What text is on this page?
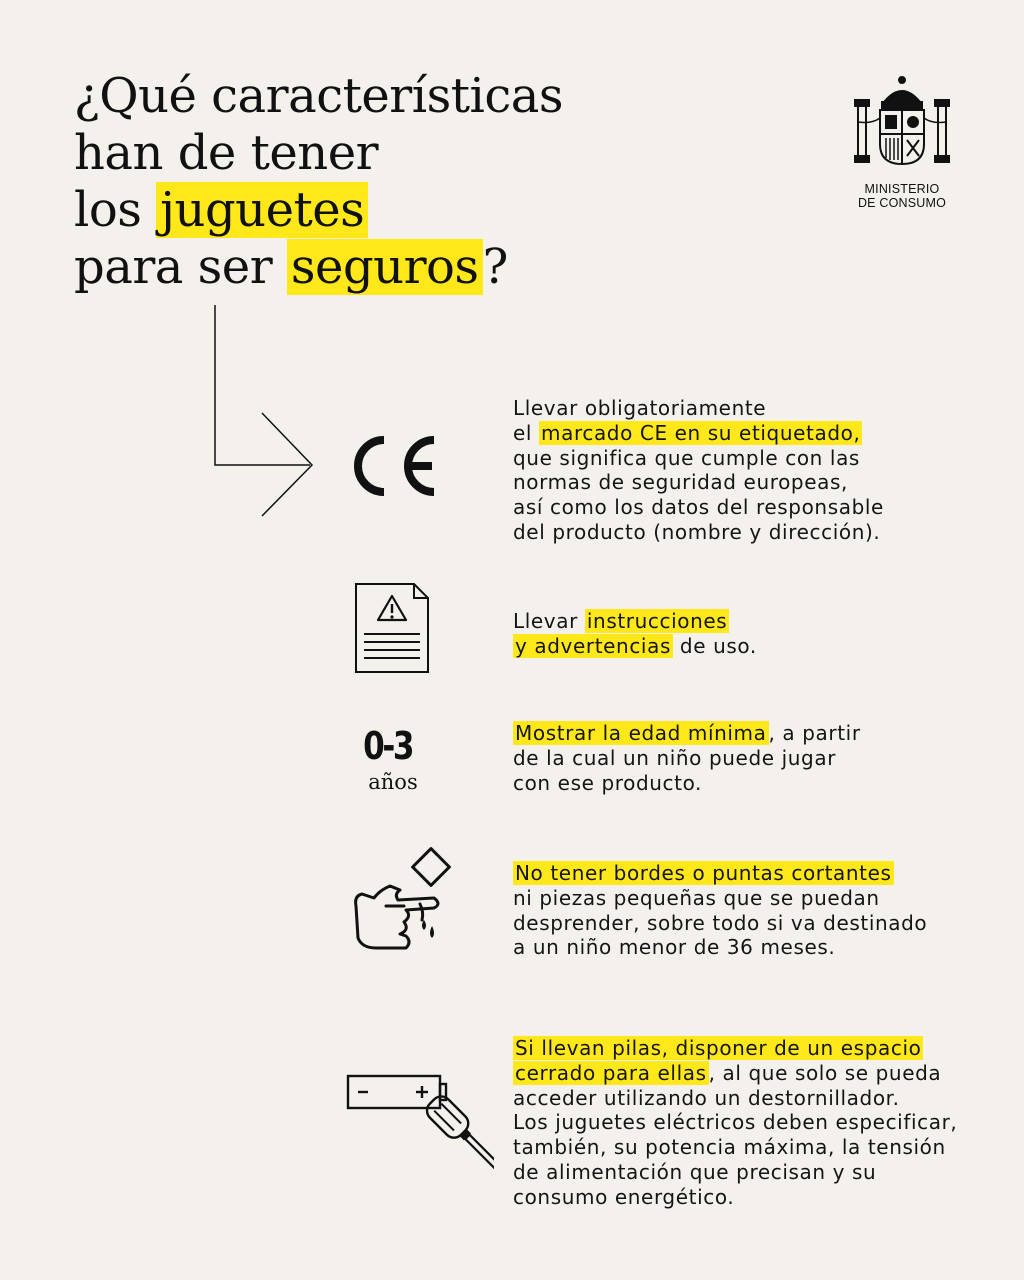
¿Qué características
han de tener
los juguetes
para ser seguros?
MINISTERIO
DE CONSUMO
0-3
años
Llevar obligatoriamente
el marcado CE en su etiquetado,
que significa que cumple con las
normas de seguridad europeas,
así como los datos del responsable
del producto (nombre y dirección).
Llevar instrucciones
y advertencias de uso.
Mostrar la edad mínima , a partir
de la cual un niño puede jugar
con ese producto.
No tener bordes o puntas cortantes
ni piezas pequeñas que se puedan
desprender, sobre todo si va destinado
a un niño menor de 36 meses.
Si llevan pilas, disponer de un espacio
cerrado para ellas , al que solo se pueda
acceder utilizando un destornillador.
Los juguetes eléctricos deben especificar,
también, su potencia máxima, la tensión
de alimentación que precisan y su
consumo energético.
